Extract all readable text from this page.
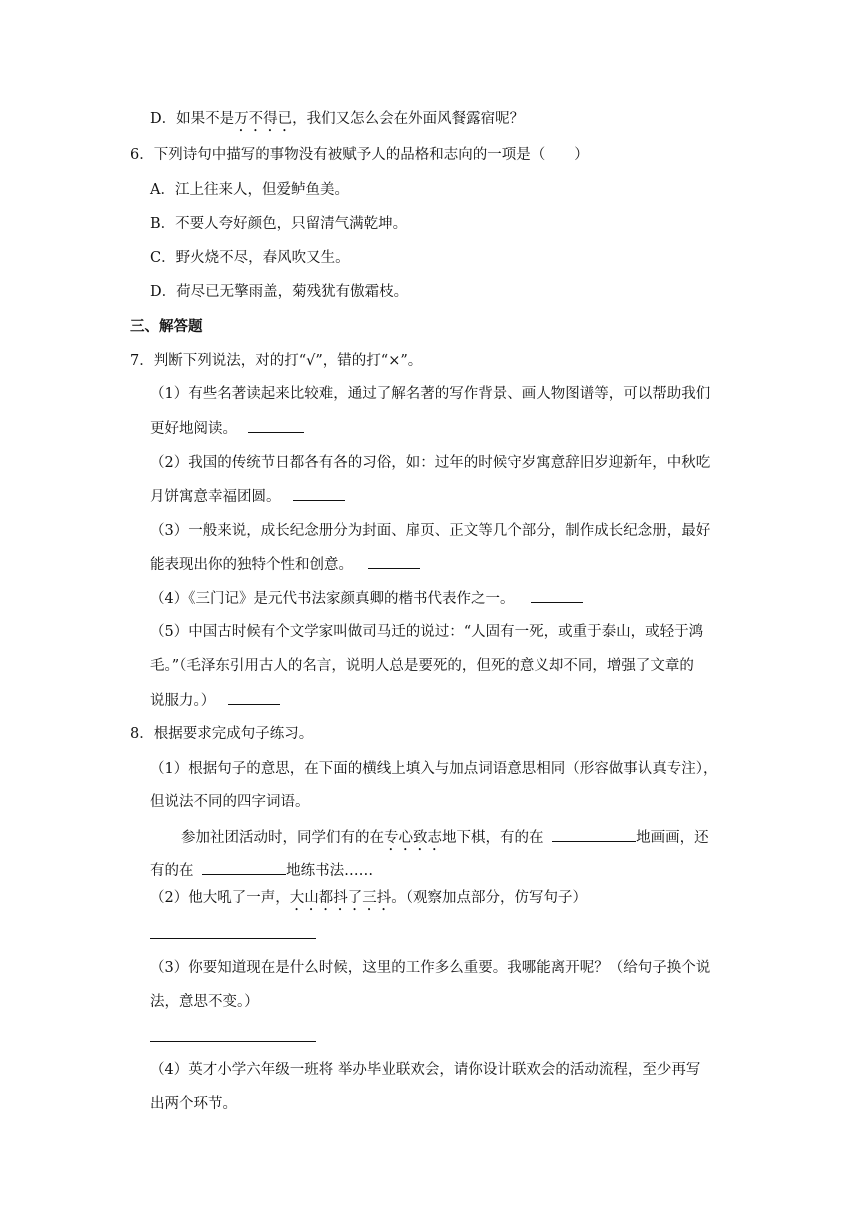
D．如果不是万不得已，我们又怎么会在外面风餐露宿呢？
6．下列诗句中描写的事物没有被赋予人的品格和志向的一项是（　　）
A．江上往来人，但爱鲈鱼美。
B．不要人夸好颜色，只留清气满乾坤。
C．野火烧不尽，春风吹又生。
D．荷尽已无擎雨盖，菊残犹有傲霜枝。
三、解答题
7．判断下列说法，对的打“√”，错的打“×”。
（1）有些名著读起来比较难，通过了解名著的写作背景、画人物图谱等，可以帮助我们
更好地阅读。
（2）我国的传统节日都各有各的习俗，如：过年的时候守岁寓意辞旧岁迎新年，中秋吃
月饼寓意幸福团圆。
（3）一般来说，成长纪念册分为封面、扉页、正文等几个部分，制作成长纪念册，最好
能表现出你的独特个性和创意。
（4）《三门记》是元代书法家颜真卿的楷书代表作之一。
（5）中国古时候有个文学家叫做司马迁的说过：“人固有一死，或重于泰山，或轻于鸿
毛。”（毛泽东引用古人的名言，说明人总是要死的，但死的意义却不同，增强了文章的
说服力。）
8．根据要求完成句子练习。
（1）根据句子的意思，在下面的横线上填入与加点词语意思相同（形容做事认真专注），
但说法不同的四字词语。
参加社团活动时，同学们有的在专心致志地下棋，有的在	地画画，还
有的在	地练书法……
（2）他大吼了一声，大山都抖了三抖。（观察加点部分，仿写句子）
（3）你要知道现在是什么时候，这里的工作多么重要。我哪能离开呢？（给句子换个说
法，意思不变。）
（4）英才小学六年级一班将 举办毕业联欢会，请你设计联欢会的活动流程，至少再写
出两个环节。
